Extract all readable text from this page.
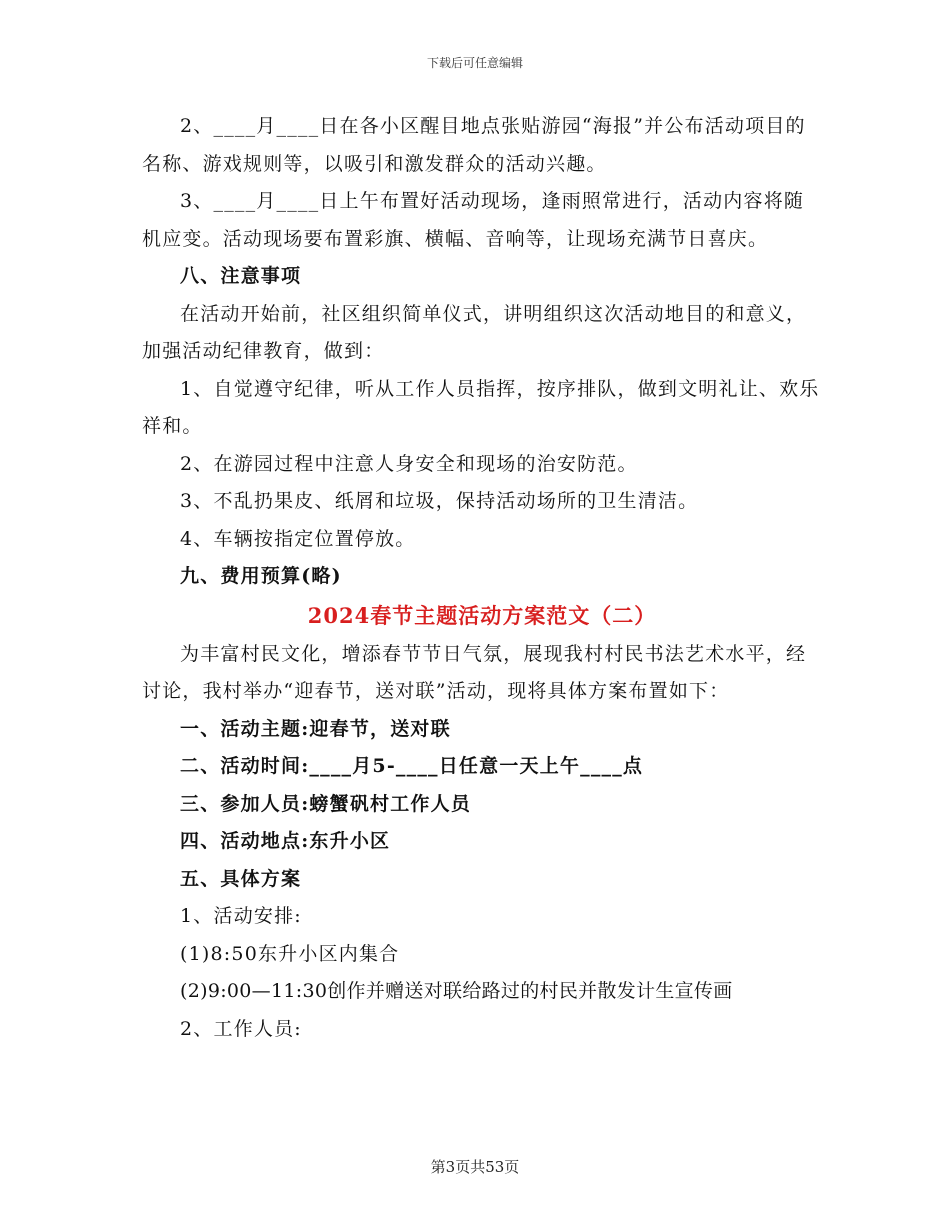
下载后可任意编辑

2、____月____日在各小区醒目地点张贴游园“海报”并公布活动项目的名称、游戏规则等，以吸引和激发群众的活动兴趣。

3、____月____日上午布置好活动现场，逢雨照常进行，活动内容将随机应变。活动现场要布置彩旗、横幅、音响等，让现场充满节日喜庆。

八、注意事项

在活动开始前，社区组织简单仪式，讲明组织这次活动地目的和意义，加强活动纪律教育，做到：

1、自觉遵守纪律，听从工作人员指挥，按序排队，做到文明礼让、欢乐祥和。

2、在游园过程中注意人身安全和现场的治安防范。

3、不乱扔果皮、纸屑和垃圾，保持活动场所的卫生清洁。

4、车辆按指定位置停放。

九、费用预算(略)

2024春节主题活动方案范文（二）

为丰富村民文化，增添春节节日气氛，展现我村村民书法艺术水平，经讨论，我村举办“迎春节，送对联”活动，现将具体方案布置如下：

一、活动主题:迎春节，送对联

二、活动时间:____月5-____日任意一天上午____点

三、参加人员:螃蟹矾村工作人员

四、活动地点:东升小区

五、具体方案

1、活动安排:

(1)8:50东升小区内集合

(2)9:00—11:30创作并赠送对联给路过的村民并散发计生宣传画

2、工作人员:

第3页共53页
